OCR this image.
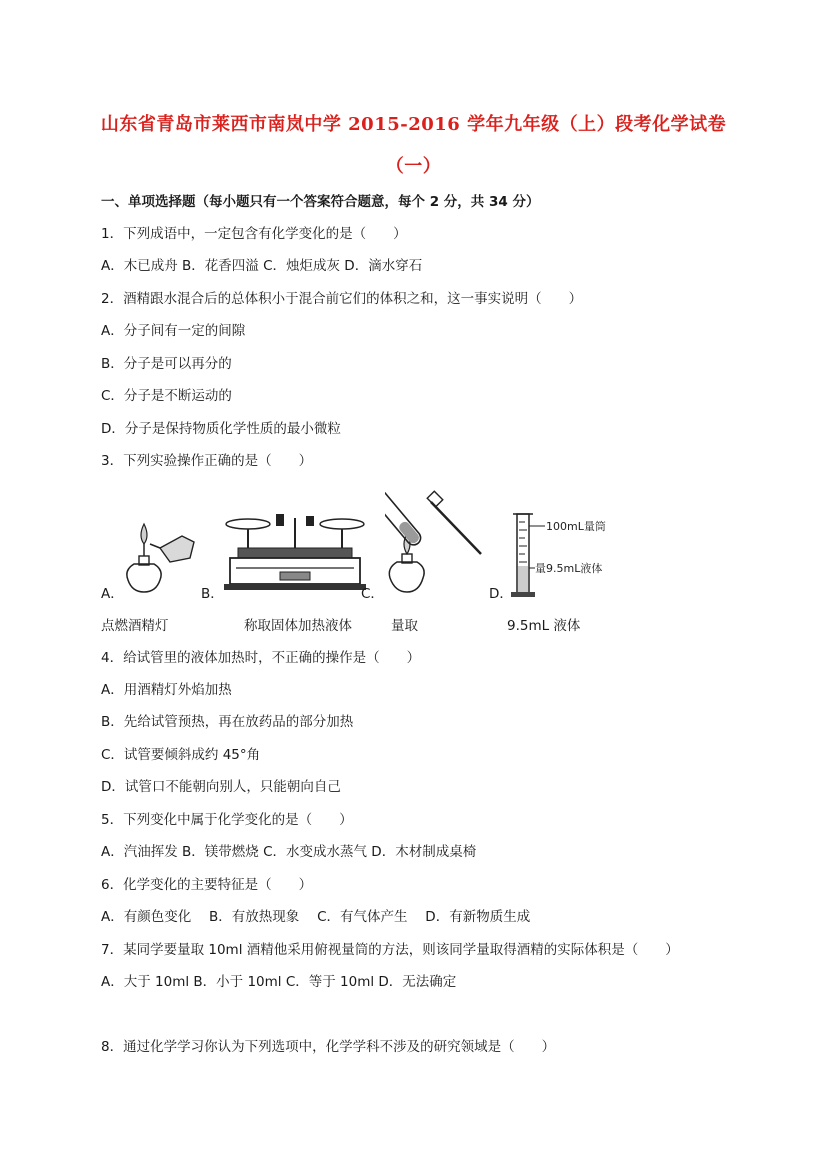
山东省青岛市莱西市南岚中学 2015-2016 学年九年级（上）段考化学试卷
（一）
一、单项选择题（每小题只有一个答案符合题意，每个 2 分，共 34 分）
1．下列成语中，一定包含有化学变化的是（　　）
A．木已成舟 B．花香四溢 C．烛炬成灰 D．滴水穿石
2．酒精跟水混合后的总体积小于混合前它们的体积之和，这一事实说明（　　）
A．分子间有一定的间隙
B．分子是可以再分的
C．分子是不断运动的
D．分子是保持物质化学性质的最小微粒
3．下列实验操作正确的是（　　）
A．	B．	C．
100mL量筒
量9.5mL液体
D．
点燃酒精灯	称取固体加热液体	量取	9.5mL 液体
4．给试管里的液体加热时，不正确的操作是（　　）
A．用酒精灯外焰加热
B．先给试管预热，再在放药品的部分加热
C．试管要倾斜成约 45°角
D．试管口不能朝向别人，只能朝向自己
5．下列变化中属于化学变化的是（　　）
A．汽油挥发 B．镁带燃烧 C．水变成水蒸气 D．木材制成桌椅
6．化学变化的主要特征是（　　）
A．有颜色变化　 B．有放热现象　 C．有气体产生　 D．有新物质生成
7．某同学要量取 10ml 酒精他采用俯视量筒的方法，则该同学量取得酒精的实际体积是（　　）
A．大于 10ml B．小于 10ml C．等于 10ml D．无法确定
8．通过化学学习你认为下列选项中，化学学科不涉及的研究领域是（　　）
